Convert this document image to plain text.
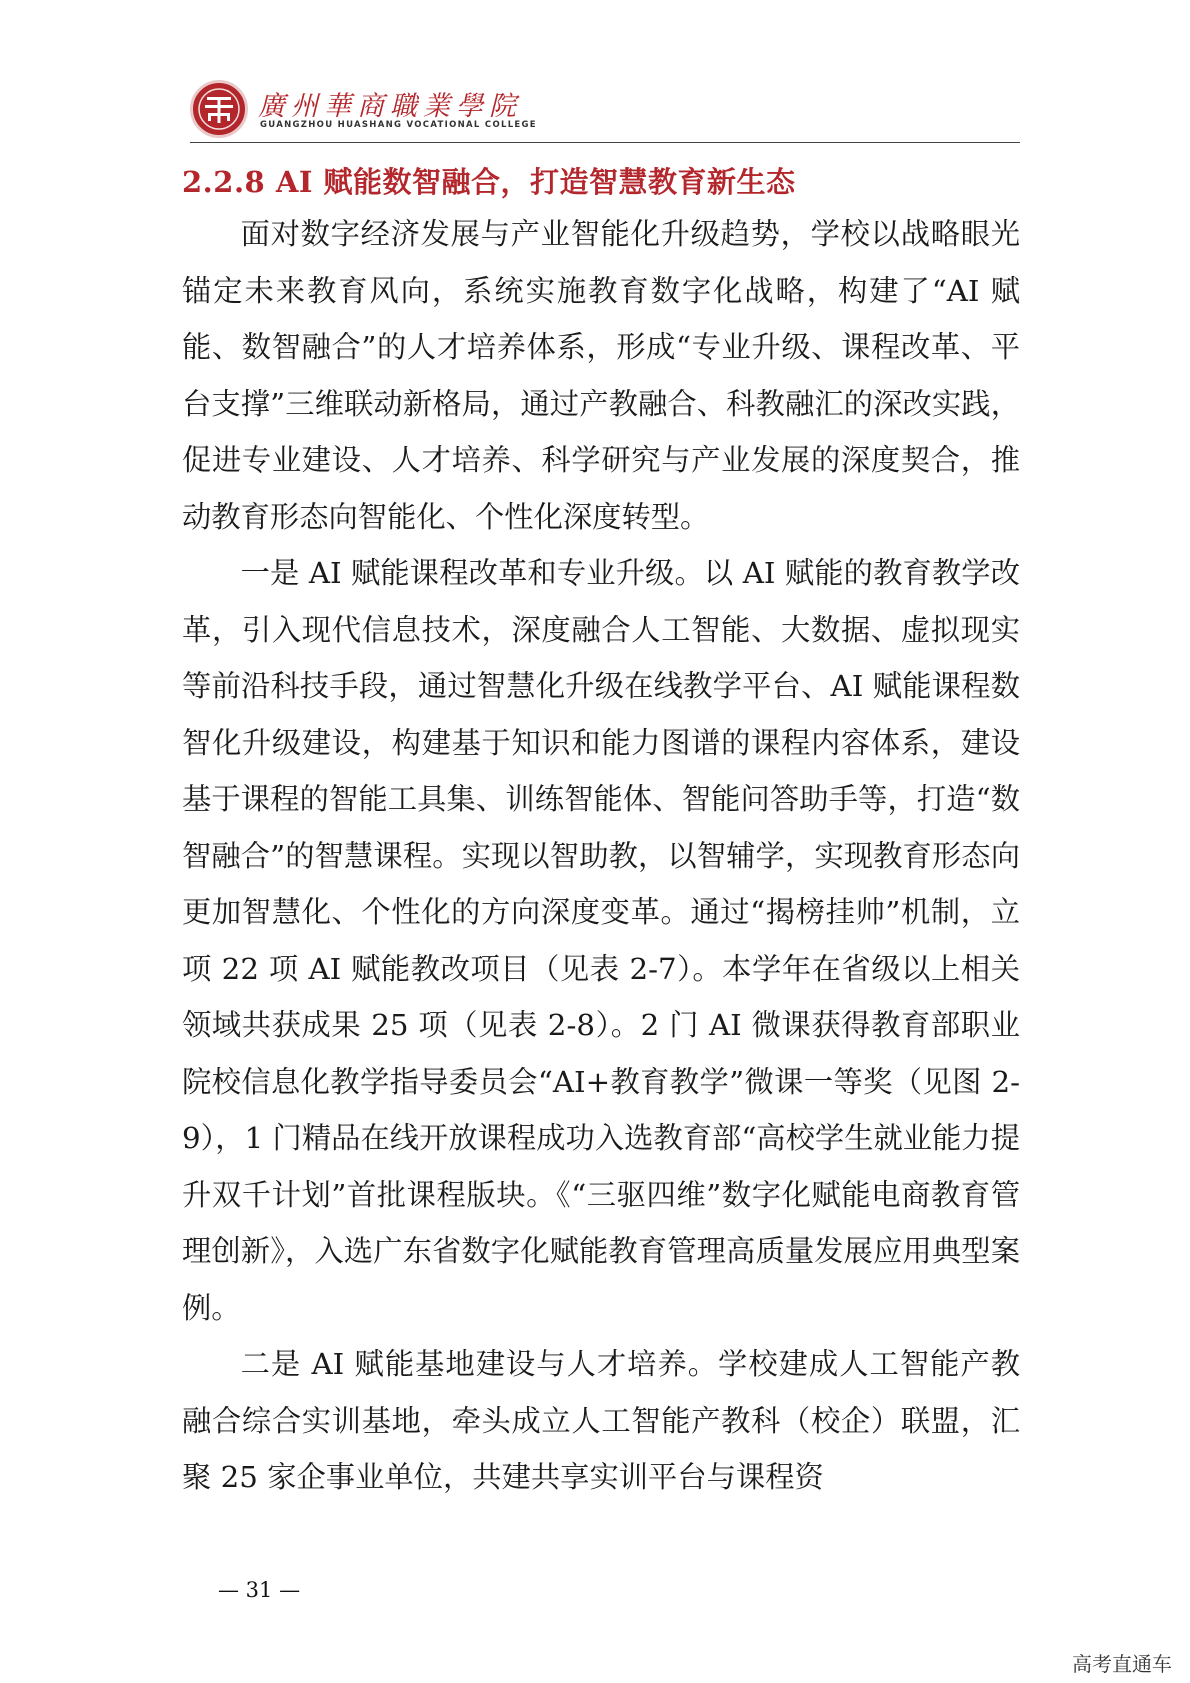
廣州華商職業學院
GUANGZHOU HUASHANG VOCATIONAL COLLEGE
2.2.8 AI 赋能数智融合，打造智慧教育新生态

面对数字经济发展与产业智能化升级趋势，学校以战略眼光锚定未来教育风向，系统实施教育数字化战略，构建了“AI 赋能、数智融合”的人才培养体系，形成“专业升级、课程改革、平台支撑”三维联动新格局，通过产教融合、科教融汇的深改实践，促进专业建设、人才培养、科学研究与产业发展的深度契合，推动教育形态向智能化、个性化深度转型。

一是 AI 赋能课程改革和专业升级。以 AI 赋能的教育教学改革，引入现代信息技术，深度融合人工智能、大数据、虚拟现实等前沿科技手段，通过智慧化升级在线教学平台、AI 赋能课程数智化升级建设，构建基于知识和能力图谱的课程内容体系，建设基于课程的智能工具集、训练智能体、智能问答助手等，打造“数智融合”的智慧课程。实现以智助教，以智辅学，实现教育形态向更加智慧化、个性化的方向深度变革。通过“揭榜挂帅”机制，立项 22 项 AI 赋能教改项目（见表 2-7）。本学年在省级以上相关领域共获成果 25 项（见表 2-8）。2 门 AI 微课获得教育部职业院校信息化教学指导委员会“AI+教育教学”微课一等奖（见图 2-9），1 门精品在线开放课程成功入选教育部“高校学生就业能力提升双千计划”首批课程版块。《“三驱四维”数字化赋能电商教育管理创新》，入选广东省数字化赋能教育管理高质量发展应用典型案例。

二是 AI 赋能基地建设与人才培养。学校建成人工智能产教融合综合实训基地，牵头成立人工智能产教科（校企）联盟，汇聚 25 家企事业单位，共建共享实训平台与课程资

— 31 —
高考直通车
